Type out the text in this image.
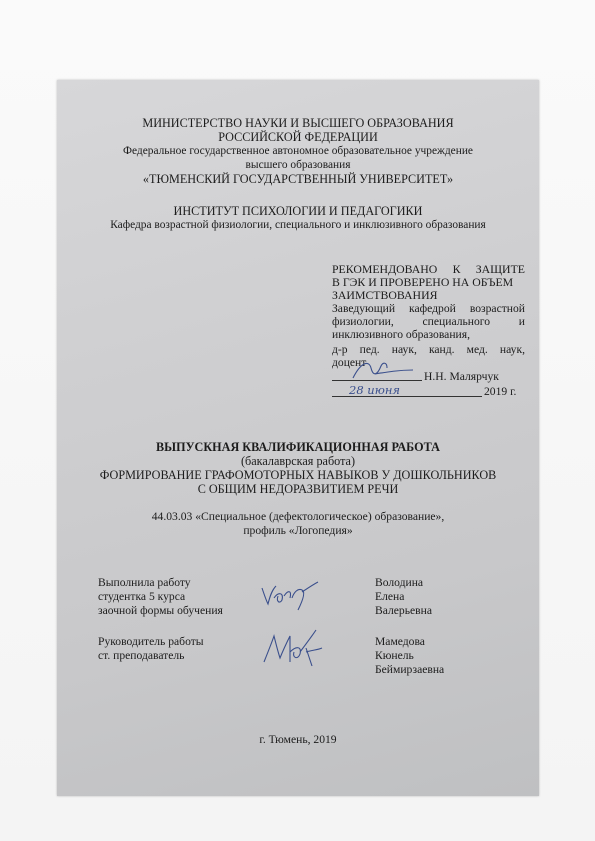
МИНИСТЕРСТВО НАУКИ И ВЫСШЕГО ОБРАЗОВАНИЯ
РОССИЙСКОЙ ФЕДЕРАЦИИ
Федеральное государственное автономное образовательное учреждение
высшего образования
«ТЮМЕНСКИЙ ГОСУДАРСТВЕННЫЙ УНИВЕРСИТЕТ»
ИНСТИТУТ ПСИХОЛОГИИ И ПЕДАГОГИКИ
Кафедра возрастной физиологии, специального и инклюзивного образования
РЕКОМЕНДОВАНО К ЗАЩИТЕ
В ГЭК И ПРОВЕРЕНО НА ОБЪЕМ
ЗАИМСТВОВАНИЯ
Заведующий кафедрой возрастной
физиологии, специального и
инклюзивного образования,
д-р пед. наук, канд. мед. наук,
доцент
Н.Н. Малярчук
28 июня	2019 г.
ВЫПУСКНАЯ КВАЛИФИКАЦИОННАЯ РАБОТА
(бакалаврская работа)
ФОРМИРОВАНИЕ ГРАФОМОТОРНЫХ НАВЫКОВ У ДОШКОЛЬНИКОВ
С ОБЩИМ НЕДОРАЗВИТИЕМ РЕЧИ
44.03.03 «Специальное (дефектологическое) образование»,
профиль «Логопедия»
Выполнила работу
студентка 5 курса
заочной формы обучения
Володина
Елена
Валерьевна
Руководитель работы
ст. преподаватель
Мамедова
Кюнель
Беймирзаевна
г. Тюмень, 2019
